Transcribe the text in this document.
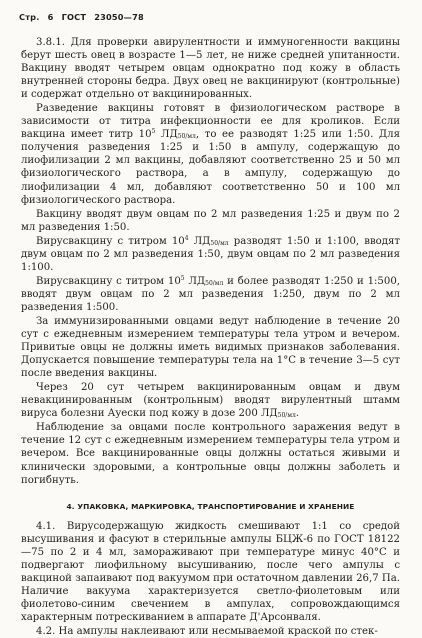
Стр. 6 ГОСТ 23050—78

3.8.1. Для проверки авирулентности и иммуногенности вакцины берут шесть овец в возрасте 1—5 лет, не ниже средней упитанности. Вакцину вводят четырем овцам однократно под кожу в область внутренней стороны бедра. Двух овец не вакцинируют (контрольные) и содержат отдельно от вакцинированных.

Разведение вакцины готовят в физиологическом растворе в зависимости от титра инфекционности ее для кроликов. Если вакцина имеет титр $10^5$ $ЛД_{50/мл}$, то ее разводят 1:25 или 1:50. Для получения разведения 1:25 и 1:50 в ампулу, содержащую до лиофилизации 2 мл вакцины, добавляют соответственно 25 и 50 мл физиологического раствора, а в ампулу, содержащую до лиофилизации 4 мл, добавляют соответственно 50 и 100 мл физиологического раствора.

Вакцину вводят двум овцам по 2 мл разведения 1:25 и двум по 2 мл разведения 1:50.

Вирусвакцину с титром $10^4$ $ЛД_{50/мл}$ разводят 1:50 и 1:100, вводят двум овцам по 2 мл разведения 1:50, двум овцам по 2 мл разведения 1:100.

Вирусвакцину с титром $10^5$ $ЛД_{50/мл}$ и более разводят 1:250 и 1:500, вводят двум овцам по 2 мл разведения 1:250, двум по 2 мл разведения 1:500.

За иммунизированными овцами ведут наблюдение в течение 20 сут с ежедневным измерением температуры тела утром и вечером. Привитые овцы не должны иметь видимых признаков заболевания. Допускается повышение температуры тела на 1°С в течение 3—5 сут после введения вакцины.

Через 20 сут четырем вакцинированным овцам и двум невакцинированным (контрольным) вводят вирулентный штамм вируса болезни Ауески под кожу в дозе 200 $ЛД_{50/мл}$.

Наблюдение за овцами после контрольного заражения ведут в течение 12 сут с ежедневным измерением температуры тела утром и вечером. Все вакцинированные овцы должны остаться живыми и клинически здоровыми, а контрольные овцы должны заболеть и погибнуть.

4. УПАКОВКА, МАРКИРОВКА, ТРАНСПОРТИРОВАНИЕ И ХРАНЕНИЕ

4.1. Вирусодержащую жидкость смешивают 1:1 со средой высушивания и фасуют в стерильные ампулы БЦЖ-6 по ГОСТ 18122—75 по 2 и 4 мл, замораживают при температуре минус 40°С и подвергают лиофильному высушиванию, после чего ампулы с вакциной запаивают под вакуумом при остаточном давлении 26,7 Па. Наличие вакуума характеризуется светло-фиолетовым или фиолетово-синим свечением в ампулах, сопровождающимся характерным потрескиванием в аппарате Д'Арсонваля.

4.2. На ампулы наклеивают или несмываемой краской по стек-
